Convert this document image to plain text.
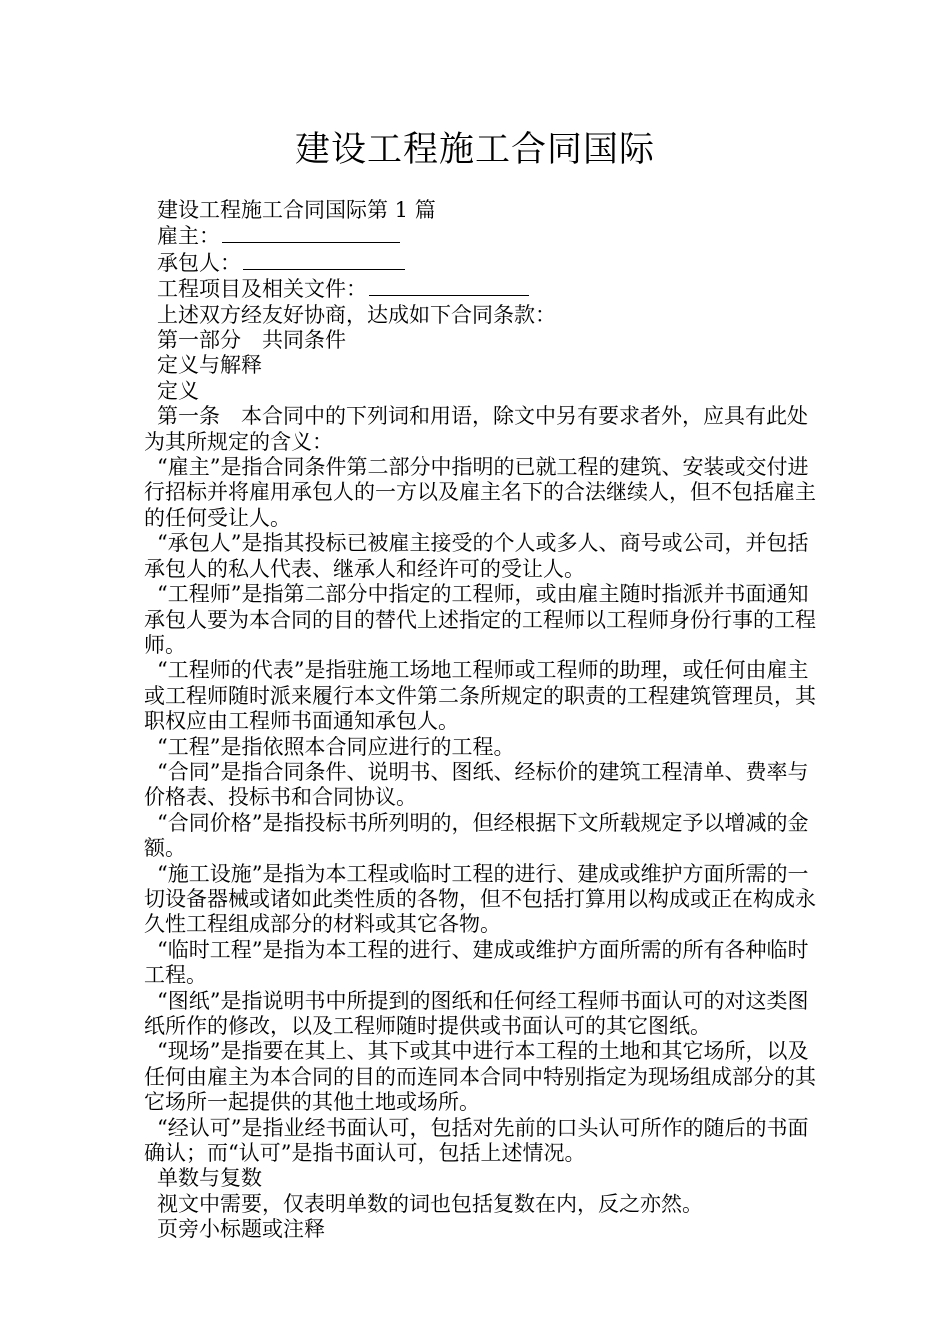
建设工程施工合同国际

建设工程施工合同国际第 1 篇

雇主：

承包人：

工程项目及相关文件：

上述双方经友好协商，达成如下合同条款：

第一部分　共同条件

定义与解释

定义

第一条　本合同中的下列词和用语，除文中另有要求者外，应具有此处为其所规定的含义：

“雇主”是指合同条件第二部分中指明的已就工程的建筑、安装或交付进行招标并将雇用承包人的一方以及雇主名下的合法继续人，但不包括雇主的任何受让人。

“承包人”是指其投标已被雇主接受的个人或多人、商号或公司，并包括承包人的私人代表、继承人和经许可的受让人。

“工程师”是指第二部分中指定的工程师，或由雇主随时指派并书面通知承包人要为本合同的目的替代上述指定的工程师以工程师身份行事的工程师。

“工程师的代表”是指驻施工场地工程师或工程师的助理，或任何由雇主或工程师随时派来履行本文件第二条所规定的职责的工程建筑管理员，其职权应由工程师书面通知承包人。

“工程”是指依照本合同应进行的工程。

“合同”是指合同条件、说明书、图纸、经标价的建筑工程清单、费率与价格表、投标书和合同协议。

“合同价格”是指投标书所列明的，但经根据下文所载规定予以增减的金额。

“施工设施”是指为本工程或临时工程的进行、建成或维护方面所需的一切设备器械或诸如此类性质的各物，但不包括打算用以构成或正在构成永久性工程组成部分的材料或其它各物。

“临时工程”是指为本工程的进行、建成或维护方面所需的所有各种临时工程。

“图纸”是指说明书中所提到的图纸和任何经工程师书面认可的对这类图纸所作的修改，以及工程师随时提供或书面认可的其它图纸。

“现场”是指要在其上、其下或其中进行本工程的土地和其它场所，以及任何由雇主为本合同的目的而连同本合同中特别指定为现场组成部分的其它场所一起提供的其他土地或场所。

“经认可”是指业经书面认可，包括对先前的口头认可所作的随后的书面确认；而“认可”是指书面认可，包括上述情况。

单数与复数

视文中需要，仅表明单数的词也包括复数在内，反之亦然。

页旁小标题或注释
